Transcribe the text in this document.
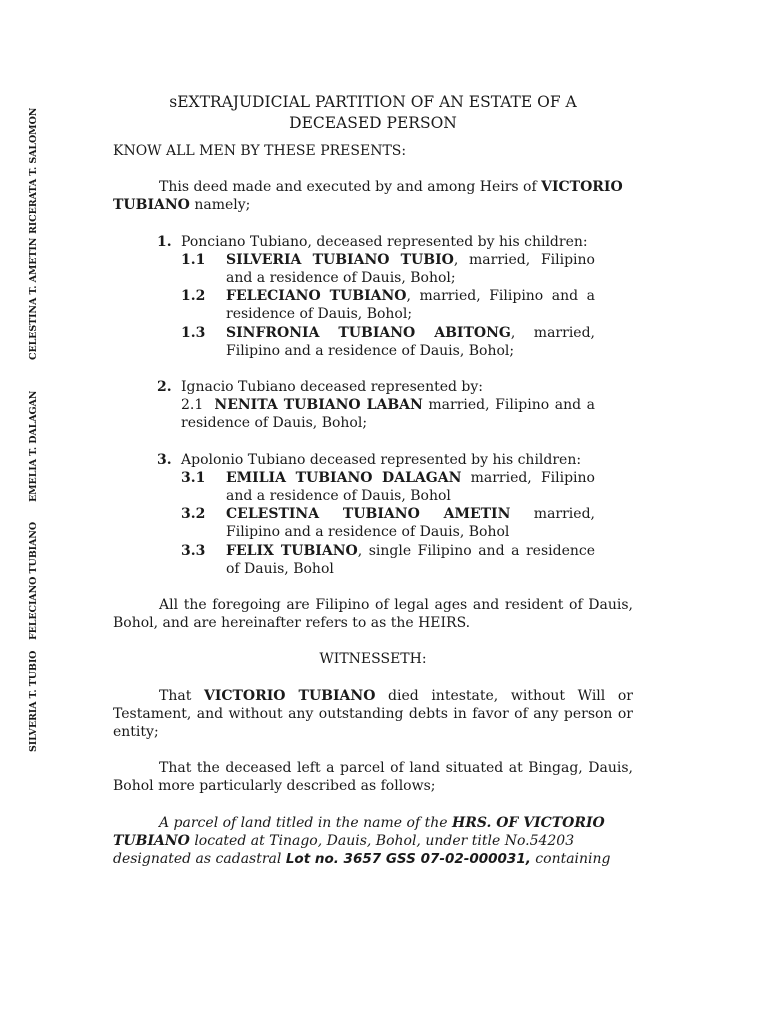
SILVERIA T. TUBIO
FELECIANO TUBIANO
EMELIA T. DALAGAN
CELESTINA T. AMETIN
RICERATA T. SALOMON
sEXTRAJUDICIAL PARTITION OF AN ESTATE OF A
DECEASED PERSON

KNOW ALL MEN BY THESE PRESENTS:

This deed made and executed by and among Heirs of VICTORIO TUBIANO namely;

1. Ponciano Tubiano, deceased represented by his children:
1.1 SILVERIA TUBIANO TUBIO, married, Filipino and a residence of Dauis, Bohol;
1.2 FELECIANO TUBIANO, married, Filipino and a residence of Dauis, Bohol;
1.3 SINFRONIA TUBIANO ABITONG, married, Filipino and a residence of Dauis, Bohol;
2. Ignacio Tubiano deceased represented by:
2.1 NENITA TUBIANO LABAN married, Filipino and a residence of Dauis, Bohol;
3. Apolonio Tubiano deceased represented by his children:
3.1 EMILIA TUBIANO DALAGAN married, Filipino and a residence of Dauis, Bohol
3.2 CELESTINA TUBIANO AMETIN married, Filipino and a residence of Dauis, Bohol
3.3 FELIX TUBIANO, single Filipino and a residence of Dauis, Bohol

All the foregoing are Filipino of legal ages and resident of Dauis, Bohol, and are hereinafter refers to as the HEIRS.

WITNESSETH:

That VICTORIO TUBIANO died intestate, without Will or Testament, and without any outstanding debts in favor of any person or entity;

That the deceased left a parcel of land situated at Bingag, Dauis, Bohol more particularly described as follows;

A parcel of land titled in the name of the HRS. OF VICTORIO TUBIANO located at Tinago, Dauis, Bohol, under title No.54203 designated as cadastral Lot no. 3657 GSS 07-02-000031, containing
